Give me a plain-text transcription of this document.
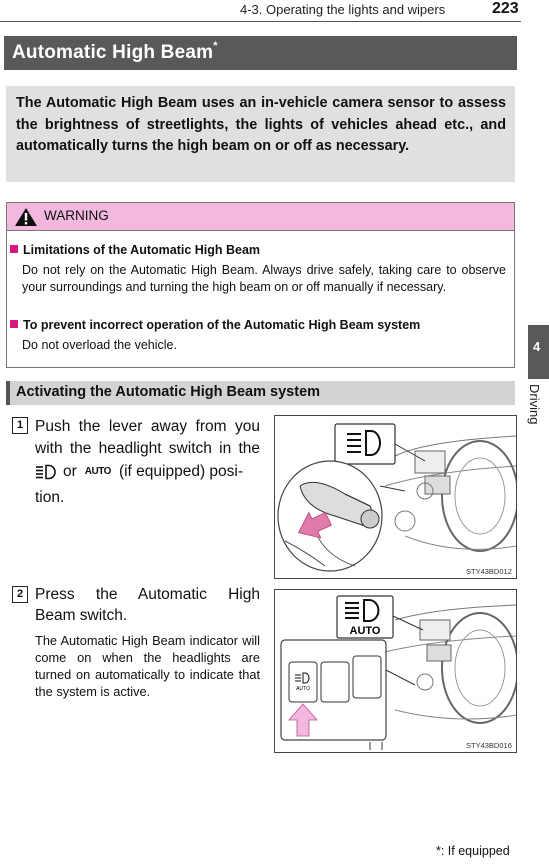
4-3. Operating the lights and wipers	223
Automatic High Beam*
The Automatic High Beam uses an in-vehicle camera sensor to assess the brightness of streetlights, the lights of vehicles ahead etc., and automatically turns the high beam on or off as necessary.
WARNING
Limitations of the Automatic High Beam
Do not rely on the Automatic High Beam. Always drive safely, taking care to observe your surroundings and turning the high beam on or off manually if necessary.
To prevent incorrect operation of the Automatic High Beam system
Do not overload the vehicle.	4
Driving
Activating the Automatic High Beam system
1 Push the lever away from you
with the headlight switch in the
or AUTO (if equipped) posi-
tion.
STY43BD012
2 Press the Automatic High
Beam switch.
The Automatic High Beam indicator will come on when the headlights are turned on automatically to indicate that the system is active.
AUTO
AUTO
STY43BD016
*: If equipped
